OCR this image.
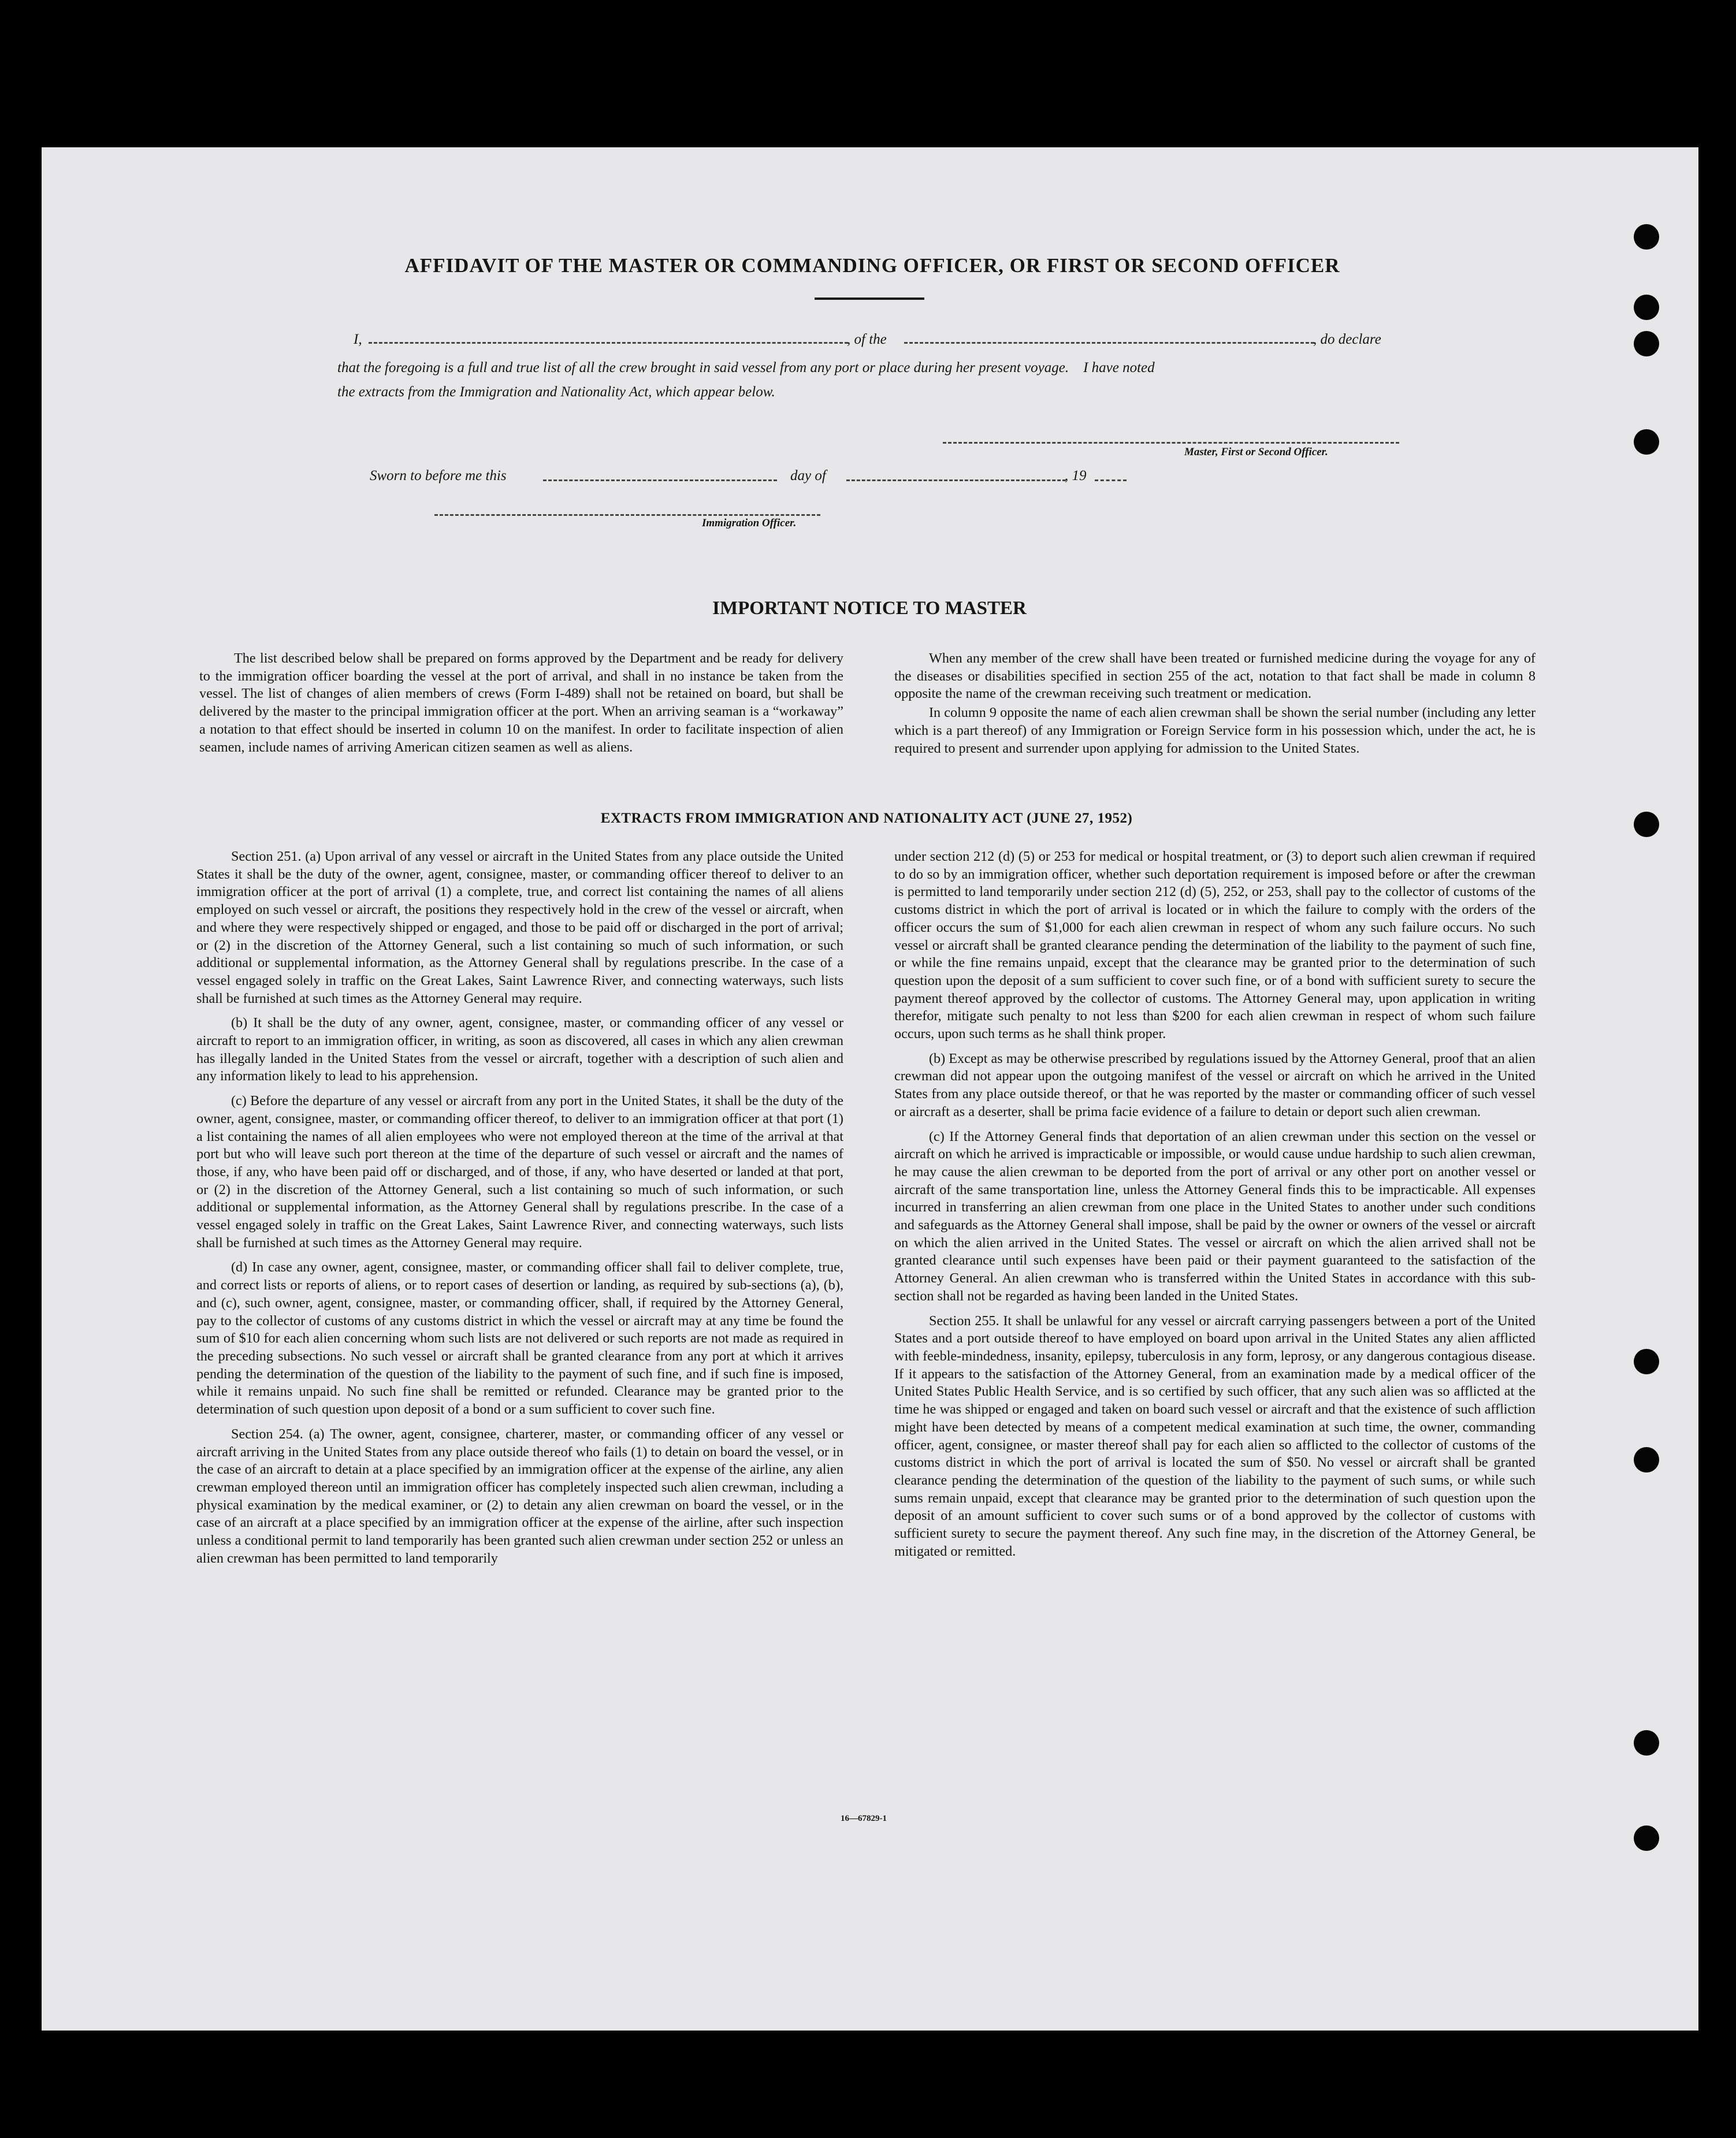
AFFIDAVIT OF THE MASTER OR COMMANDING OFFICER, OR FIRST OR SECOND OFFICER
I,	, of the	, do declare
that the foregoing is a full and true list of all the crew brought in said vessel from any port or place during her present voyage.    I have noted
the extracts from the Immigration and Nationality Act, which appear below.
Master, First or Second Officer.
Sworn to before me this	day of	, 19
Immigration Officer.
IMPORTANT NOTICE TO MASTER

The list described below shall be prepared on forms approved by the Department and be ready for delivery to the immigration officer boarding the vessel at the port of arrival, and shall in no instance be taken from the vessel. The list of changes of alien members of crews (Form I-489) shall not be retained on board, but shall be delivered by the master to the principal immigration officer at the port. When an arriving seaman is a “workaway” a notation to that effect should be inserted in column 10 on the manifest. In order to facilitate inspection of alien seamen, include names of arriving American citizen seamen as well as aliens.

When any member of the crew shall have been treated or furnished medicine during the voyage for any of the diseases or disabilities specified in section 255 of the act, notation to that fact shall be made in column 8 opposite the name of the crewman receiving such treatment or medication.

In column 9 opposite the name of each alien crewman shall be shown the serial number (including any letter which is a part thereof) of any Immigration or Foreign Service form in his possession which, under the act, he is required to present and surrender upon applying for admission to the United States.

EXTRACTS FROM IMMIGRATION AND NATIONALITY ACT (JUNE 27, 1952)

Section 251. (a) Upon arrival of any vessel or aircraft in the United States from any place outside the United States it shall be the duty of the owner, agent, consignee, master, or commanding officer thereof to deliver to an immigration officer at the port of arrival (1) a complete, true, and correct list containing the names of all aliens employed on such vessel or aircraft, the positions they respectively hold in the crew of the vessel or aircraft, when and where they were respectively shipped or engaged, and those to be paid off or discharged in the port of arrival; or (2) in the discretion of the Attorney General, such a list containing so much of such information, or such additional or supplemental information, as the Attorney General shall by regulations prescribe. In the case of a vessel engaged solely in traffic on the Great Lakes, Saint Lawrence River, and connecting waterways, such lists shall be furnished at such times as the Attorney General may require.

(b) It shall be the duty of any owner, agent, consignee, master, or commanding officer of any vessel or aircraft to report to an immigration officer, in writing, as soon as discovered, all cases in which any alien crewman has illegally landed in the United States from the vessel or aircraft, together with a description of such alien and any information likely to lead to his apprehension.

(c) Before the departure of any vessel or aircraft from any port in the United States, it shall be the duty of the owner, agent, consignee, master, or commanding officer thereof, to deliver to an immigration officer at that port (1) a list containing the names of all alien employees who were not employed thereon at the time of the arrival at that port but who will leave such port thereon at the time of the departure of such vessel or aircraft and the names of those, if any, who have been paid off or discharged, and of those, if any, who have deserted or landed at that port, or (2) in the discretion of the Attorney General, such a list containing so much of such information, or such additional or supplemental information, as the Attorney General shall by regulations prescribe. In the case of a vessel engaged solely in traffic on the Great Lakes, Saint Lawrence River, and connecting waterways, such lists shall be furnished at such times as the Attorney General may require.

(d) In case any owner, agent, consignee, master, or commanding officer shall fail to deliver complete, true, and correct lists or reports of aliens, or to report cases of desertion or landing, as required by sub-sections (a), (b), and (c), such owner, agent, consignee, master, or commanding officer, shall, if required by the Attorney General, pay to the collector of customs of any customs district in which the vessel or aircraft may at any time be found the sum of $10 for each alien concerning whom such lists are not delivered or such reports are not made as required in the preceding subsections. No such vessel or aircraft shall be granted clearance from any port at which it arrives pending the determination of the question of the liability to the payment of such fine, and if such fine is imposed, while it remains unpaid. No such fine shall be remitted or refunded. Clearance may be granted prior to the determination of such question upon deposit of a bond or a sum sufficient to cover such fine.

Section 254. (a) The owner, agent, consignee, charterer, master, or commanding officer of any vessel or aircraft arriving in the United States from any place outside thereof who fails (1) to detain on board the vessel, or in the case of an aircraft to detain at a place specified by an immigration officer at the expense of the airline, any alien crewman employed thereon until an immigration officer has completely inspected such alien crewman, including a physical examination by the medical examiner, or (2) to detain any alien crewman on board the vessel, or in the case of an aircraft at a place specified by an immigration officer at the expense of the airline, after such inspection unless a conditional permit to land temporarily has been granted such alien crewman under section 252 or unless an alien crewman has been permitted to land temporarily

under section 212 (d) (5) or 253 for medical or hospital treatment, or (3) to deport such alien crewman if required to do so by an immigration officer, whether such deportation requirement is imposed before or after the crewman is permitted to land temporarily under section 212 (d) (5), 252, or 253, shall pay to the collector of customs of the customs district in which the port of arrival is located or in which the failure to comply with the orders of the officer occurs the sum of $1,000 for each alien crewman in respect of whom any such failure occurs. No such vessel or aircraft shall be granted clearance pending the determination of the liability to the payment of such fine, or while the fine remains unpaid, except that the clearance may be granted prior to the determination of such question upon the deposit of a sum sufficient to cover such fine, or of a bond with sufficient surety to secure the payment thereof approved by the collector of customs. The Attorney General may, upon application in writing therefor, mitigate such penalty to not less than $200 for each alien crewman in respect of whom such failure occurs, upon such terms as he shall think proper.

(b) Except as may be otherwise prescribed by regulations issued by the Attorney General, proof that an alien crewman did not appear upon the outgoing manifest of the vessel or aircraft on which he arrived in the United States from any place outside thereof, or that he was reported by the master or commanding officer of such vessel or aircraft as a deserter, shall be prima facie evidence of a failure to detain or deport such alien crewman.

(c) If the Attorney General finds that deportation of an alien crewman under this section on the vessel or aircraft on which he arrived is impracticable or impossible, or would cause undue hardship to such alien crewman, he may cause the alien crewman to be deported from the port of arrival or any other port on another vessel or aircraft of the same transportation line, unless the Attorney General finds this to be impracticable. All expenses incurred in transferring an alien crewman from one place in the United States to another under such conditions and safeguards as the Attorney General shall impose, shall be paid by the owner or owners of the vessel or aircraft on which the alien arrived in the United States. The vessel or aircraft on which the alien arrived shall not be granted clearance until such expenses have been paid or their payment guaranteed to the satisfaction of the Attorney General. An alien crewman who is transferred within the United States in accordance with this sub-section shall not be regarded as having been landed in the United States.

Section 255. It shall be unlawful for any vessel or aircraft carrying passengers between a port of the United States and a port outside thereof to have employed on board upon arrival in the United States any alien afflicted with feeble-mindedness, insanity, epilepsy, tuberculosis in any form, leprosy, or any dangerous contagious disease. If it appears to the satisfaction of the Attorney General, from an examination made by a medical officer of the United States Public Health Service, and is so certified by such officer, that any such alien was so afflicted at the time he was shipped or engaged and taken on board such vessel or aircraft and that the existence of such affliction might have been detected by means of a competent medical examination at such time, the owner, commanding officer, agent, consignee, or master thereof shall pay for each alien so afflicted to the collector of customs of the customs district in which the port of arrival is located the sum of $50. No vessel or aircraft shall be granted clearance pending the determination of the question of the liability to the payment of such sums, or while such sums remain unpaid, except that clearance may be granted prior to the determination of such question upon the deposit of an amount sufficient to cover such sums or of a bond approved by the collector of customs with sufficient surety to secure the payment thereof. Any such fine may, in the discretion of the Attorney General, be mitigated or remitted.

16—67829-1
